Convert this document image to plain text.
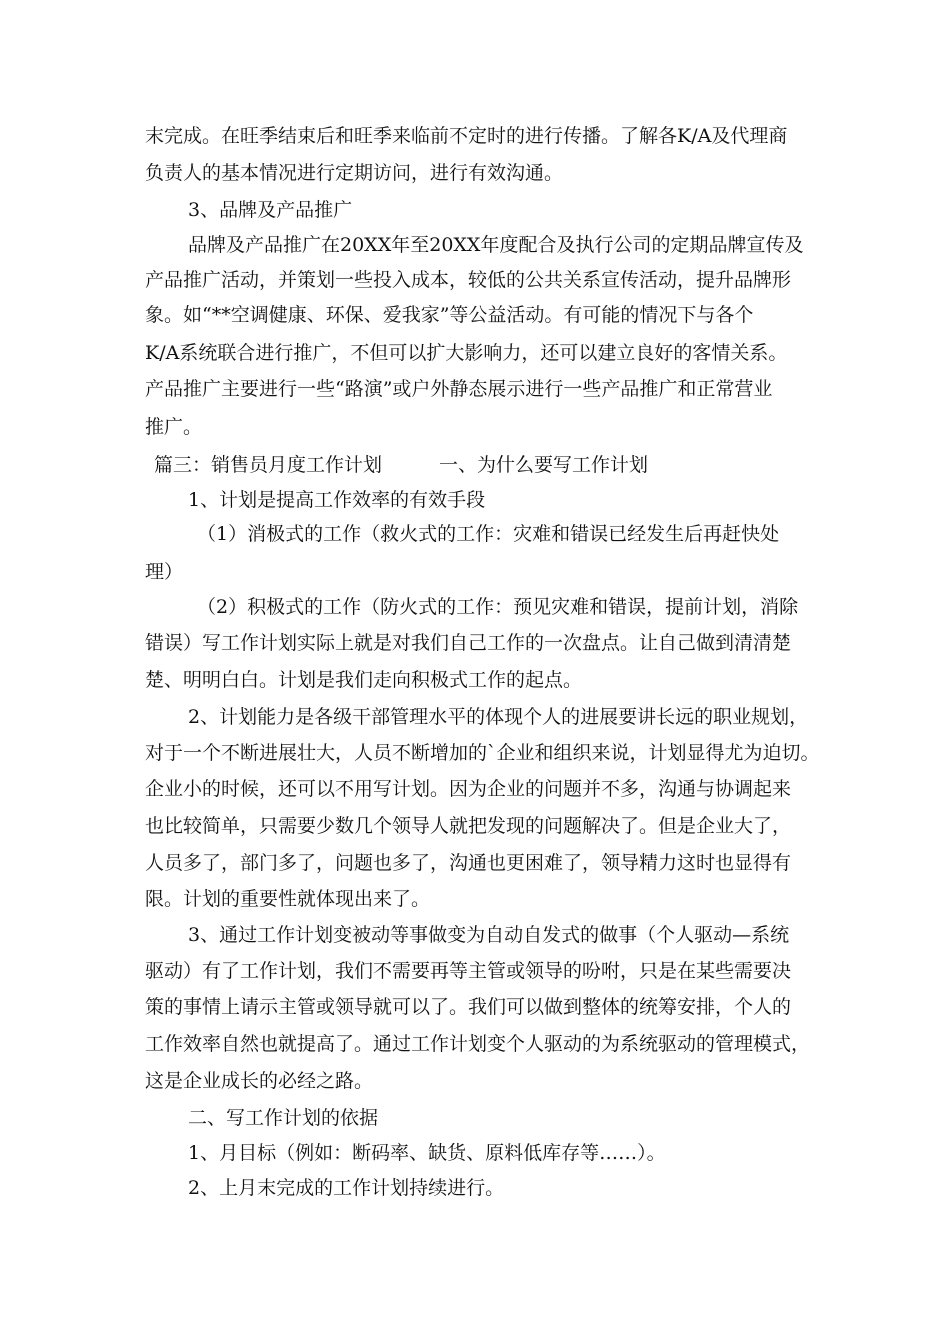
末完成。在旺季结束后和旺季来临前不定时的进行传播。了解各K/A及代理商
负责人的基本情况进行定期访问，进行有效沟通。
3、品牌及产品推广
品牌及产品推广在20XX年至20XX年度配合及执行公司的定期品牌宣传及
产品推广活动，并策划一些投入成本，较低的公共关系宣传活动，提升品牌形
象。如“**空调健康、环保、爱我家”等公益活动。有可能的情况下与各个
K/A系统联合进行推广，不但可以扩大影响力，还可以建立良好的客情关系。
产品推广主要进行一些“路演”或户外静态展示进行一些产品推广和正常营业
推广。
篇三：销售员月度工作计划　　　一、为什么要写工作计划
1、计划是提高工作效率的有效手段
（1）消极式的工作（救火式的工作：灾难和错误已经发生后再赶快处
理）
（2）积极式的工作（防火式的工作：预见灾难和错误，提前计划，消除
错误）写工作计划实际上就是对我们自己工作的一次盘点。让自己做到清清楚
楚、明明白白。计划是我们走向积极式工作的起点。
2、计划能力是各级干部管理水平的体现个人的进展要讲长远的职业规划，
对于一个不断进展壮大，人员不断增加的`企业和组织来说，计划显得尤为迫切。
企业小的时候，还可以不用写计划。因为企业的问题并不多，沟通与协调起来
也比较简单，只需要少数几个领导人就把发现的问题解决了。但是企业大了，
人员多了，部门多了，问题也多了，沟通也更困难了，领导精力这时也显得有
限。计划的重要性就体现出来了。
3、通过工作计划变被动等事做变为自动自发式的做事（个人驱动—系统
驱动）有了工作计划，我们不需要再等主管或领导的吩咐，只是在某些需要决
策的事情上请示主管或领导就可以了。我们可以做到整体的统筹安排，个人的
工作效率自然也就提高了。通过工作计划变个人驱动的为系统驱动的管理模式，
这是企业成长的必经之路。
二、写工作计划的依据
1、月目标（例如：断码率、缺货、原料低库存等……）。
2、上月末完成的工作计划持续进行。
